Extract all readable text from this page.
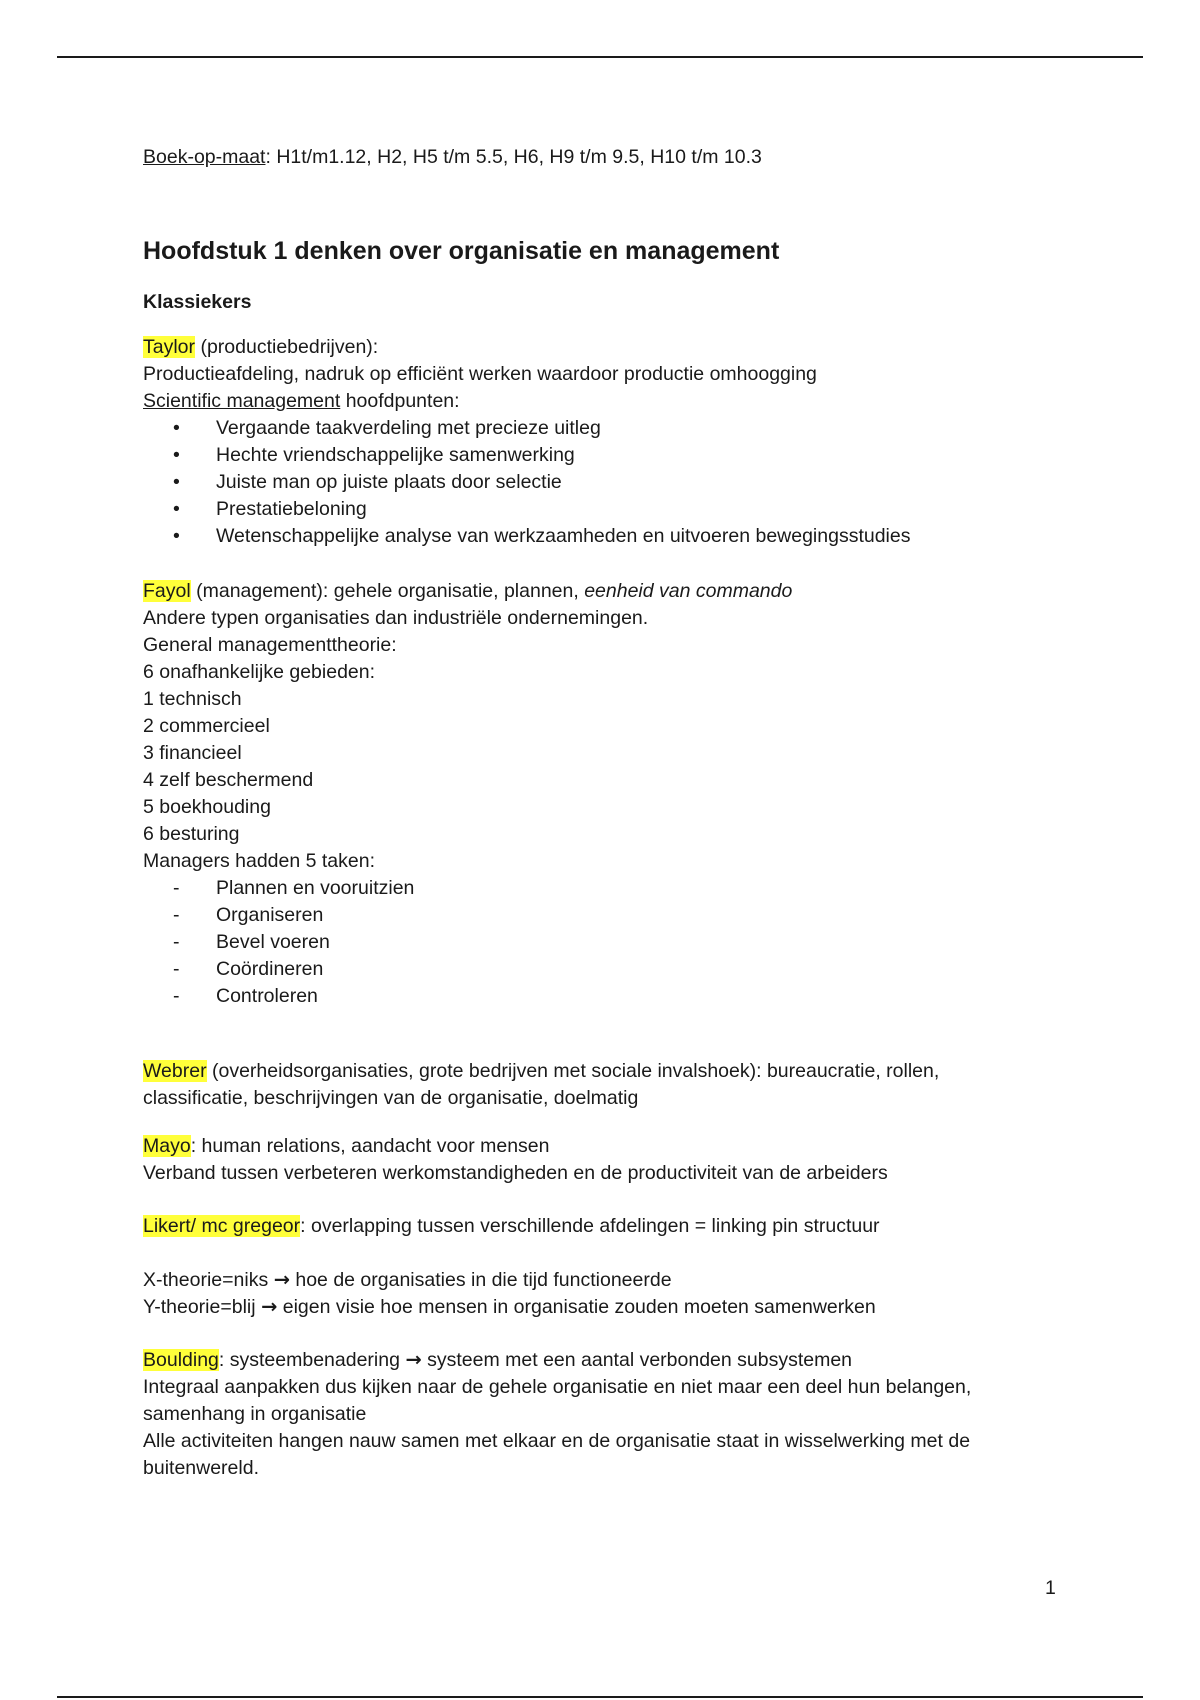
Boek-op-maat: H1t/m1.12, H2, H5 t/m 5.5, H6, H9 t/m 9.5, H10 t/m 10.3
Hoofdstuk 1 denken over organisatie en management
Klassiekers
Taylor (productiebedrijven):
Productieafdeling, nadruk op efficiënt werken waardoor productie omhoogging
Scientific management hoofdpunten:
•	Vergaande taakverdeling met precieze uitleg
•	Hechte vriendschappelijke samenwerking
•	Juiste man op juiste plaats door selectie
•	Prestatiebeloning
•	Wetenschappelijke analyse van werkzaamheden en uitvoeren bewegingsstudies
Fayol (management): gehele organisatie, plannen, eenheid van commando
Andere typen organisaties dan industriële ondernemingen.
General managementtheorie:
6 onafhankelijke gebieden:
1 technisch
2 commercieel
3 financieel
4 zelf beschermend
5 boekhouding
6 besturing
Managers hadden 5 taken:
-	Plannen en vooruitzien
-	Organiseren
-	Bevel voeren
-	Coördineren
-	Controleren
Webrer (overheidsorganisaties, grote bedrijven met sociale invalshoek): bureaucratie, rollen,
classificatie, beschrijvingen van de organisatie, doelmatig
Mayo: human relations, aandacht voor mensen
Verband tussen verbeteren werkomstandigheden en de productiviteit van de arbeiders
Likert/ mc gregeor: overlapping tussen verschillende afdelingen = linking pin structuur
X-theorie=niks → hoe de organisaties in die tijd functioneerde
Y-theorie=blij → eigen visie hoe mensen in organisatie zouden moeten samenwerken
Boulding: systeembenadering → systeem met een aantal verbonden subsystemen
Integraal aanpakken dus kijken naar de gehele organisatie en niet maar een deel hun belangen,
samenhang in organisatie
Alle activiteiten hangen nauw samen met elkaar en de organisatie staat in wisselwerking met de
buitenwereld.
1
